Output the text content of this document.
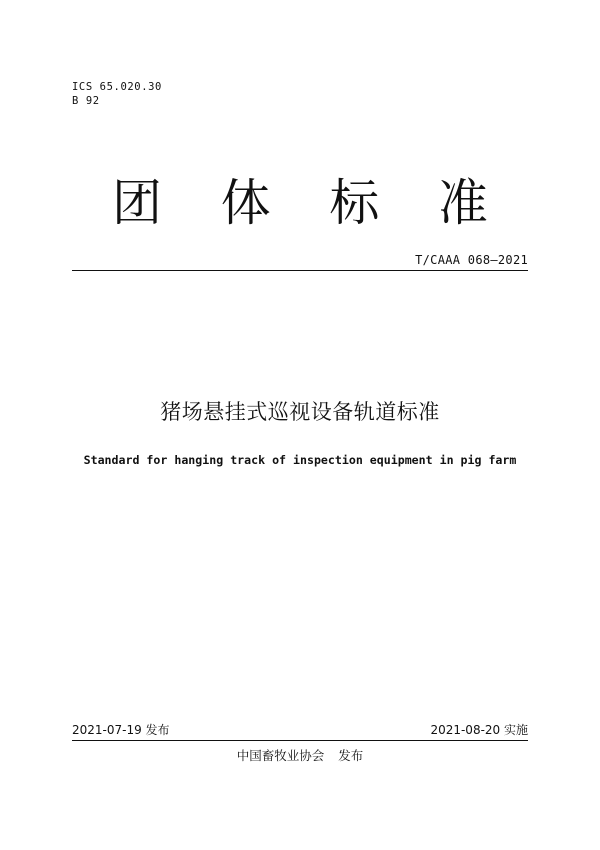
ICS 65.020.30
B 92
团 体 标 准
T/CAAA 068—2021
猪场悬挂式巡视设备轨道标准
Standard for hanging track of inspection equipment in pig farm
2021-07-19 发布	2021-08-20 实施
中国畜牧业协会 发布
